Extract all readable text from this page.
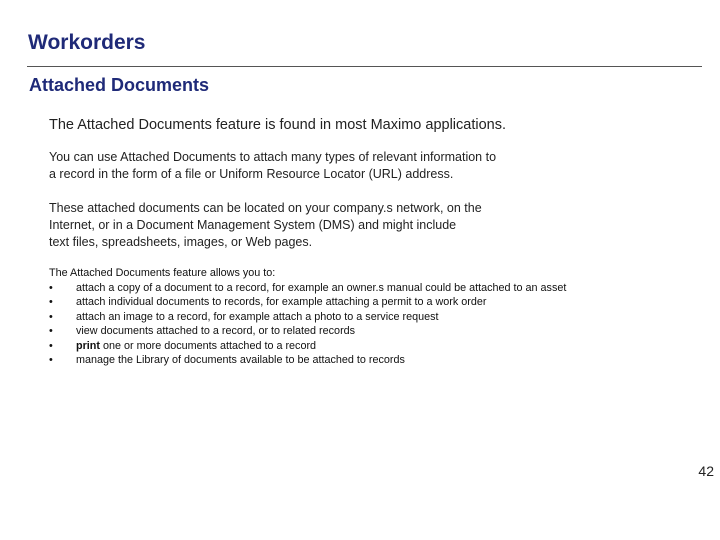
Workorders
Attached Documents
The Attached Documents feature is found in most Maximo applications.
You can use Attached Documents to attach many types of relevant information to
a record in the form of a file or Uniform Resource Locator (URL) address.
These attached documents can be located on your company.s network, on the
Internet, or in a Document Management System (DMS) and might include
text files, spreadsheets, images, or Web pages.
The Attached Documents feature allows you to:
• attach a copy of a document to a record, for example an owner.s manual could be attached to an asset
• attach individual documents to records, for example attaching a permit to a work order
• attach an image to a record, for example attach a photo to a service request
• view documents attached to a record, or to related records
• print one or more documents attached to a record
• manage the Library of documents available to be attached to records
42
